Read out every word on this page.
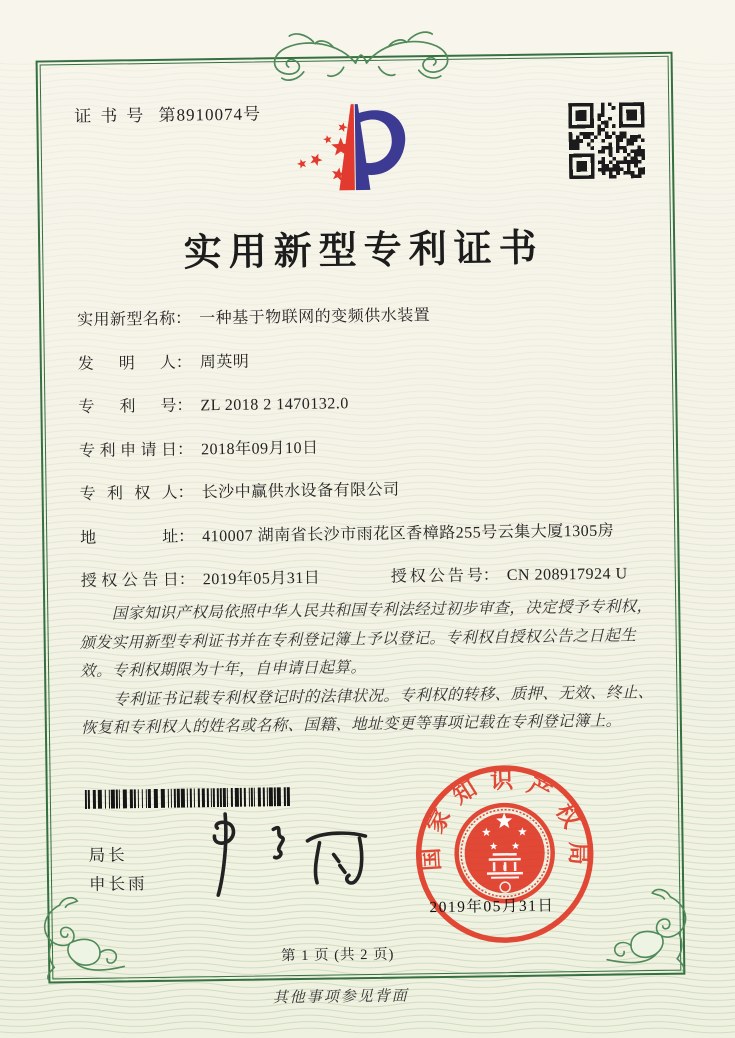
证书号 第8910074号
实用新型专利证书
实用新型名称： 一种基于物联网的变频供水装置
发明人： 周英明
专利号： ZL 2018 2 1470132.0
专利申请日： 2018年09月10日
专利权人： 长沙中赢供水设备有限公司
地址： 410007 湖南省长沙市雨花区香樟路255号云集大厦1305房
授权公告日： 2019年05月31日	授权公告号： CN 208917924 U

国家知识产权局依照中华人民共和国专利法经过初步审查，决定授予专利权，颁发实用新型专利证书并在专利登记簿上予以登记。专利权自授权公告之日起生效。专利权期限为十年，自申请日起算。

专利证书记载专利权登记时的法律状况。专利权的转移、质押、无效、终止、恢复和专利权人的姓名或名称、国籍、地址变更等事项记载在专利登记簿上。

局长
申长雨
国家知识产权局
2019年05月31日
第 1 页 (共 2 页)
其他事项参见背面
